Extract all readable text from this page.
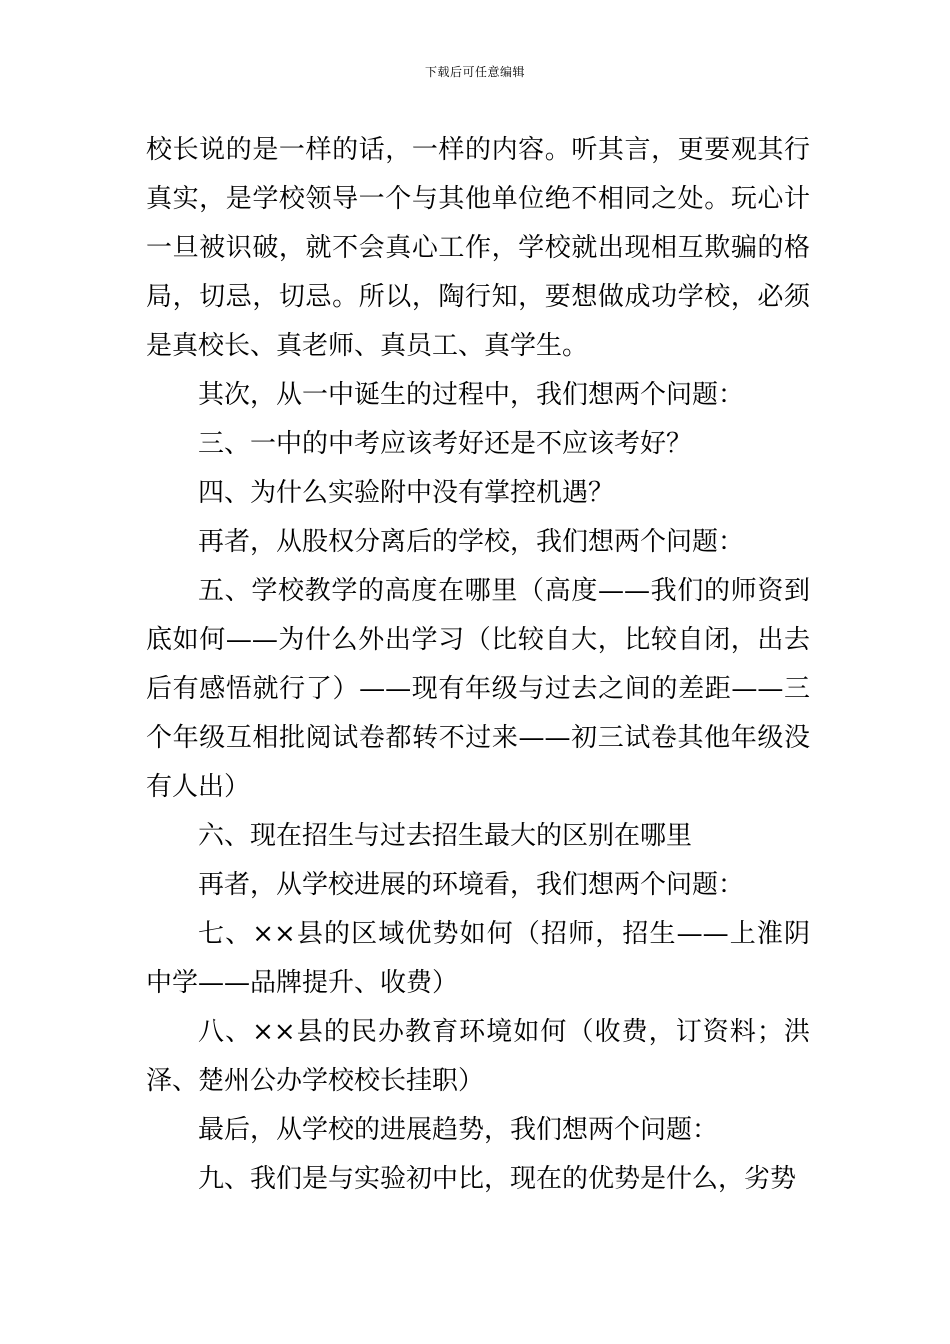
下载后可任意编辑

校长说的是一样的话，一样的内容。听其言，更要观其行真实，是学校领导一个与其他单位绝不相同之处。玩心计一旦被识破，就不会真心工作，学校就出现相互欺骗的格局，切忌，切忌。所以，陶行知，要想做成功学校，必须是真校长、真老师、真员工、真学生。

其次，从一中诞生的过程中，我们想两个问题：

三、一中的中考应该考好还是不应该考好？

四、为什么实验附中没有掌控机遇？

再者，从股权分离后的学校，我们想两个问题：

五、学校教学的高度在哪里（高度——我们的师资到底如何——为什么外出学习（比较自大，比较自闭，出去后有感悟就行了）——现有年级与过去之间的差距——三个年级互相批阅试卷都转不过来——初三试卷其他年级没有人出）

六、现在招生与过去招生最大的区别在哪里

再者，从学校进展的环境看，我们想两个问题：

七、××县的区域优势如何（招师，招生——上淮阴中学——品牌提升、收费）

八、××县的民办教育环境如何（收费，订资料；洪泽、楚州公办学校校长挂职）

最后，从学校的进展趋势，我们想两个问题：

九、我们是与实验初中比，现在的优势是什么，劣势
